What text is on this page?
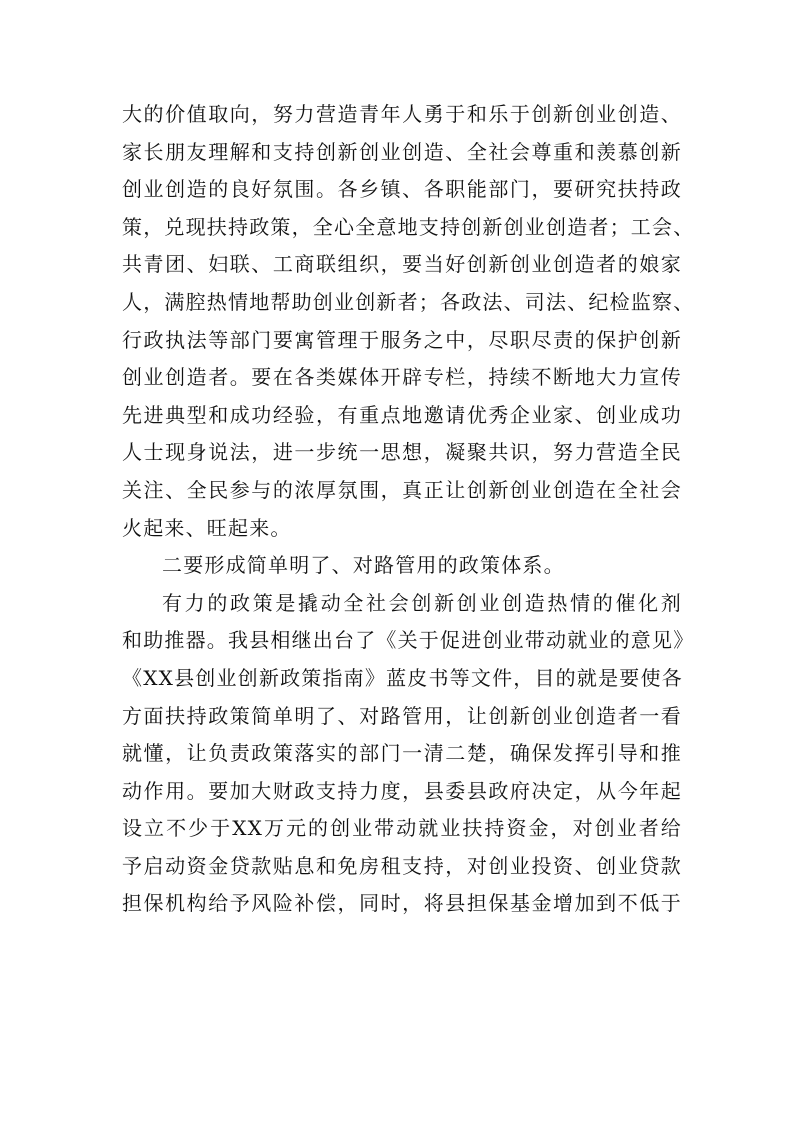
大的价值取向，努力营造青年人勇于和乐于创新创业创造、
家长朋友理解和支持创新创业创造、全社会尊重和羡慕创新
创业创造的良好氛围。各乡镇、各职能部门，要研究扶持政
策，兑现扶持政策，全心全意地支持创新创业创造者；工会、
共青团、妇联、工商联组织，要当好创新创业创造者的娘家
人，满腔热情地帮助创业创新者；各政法、司法、纪检监察、
行政执法等部门要寓管理于服务之中，尽职尽责的保护创新
创业创造者。要在各类媒体开辟专栏，持续不断地大力宣传
先进典型和成功经验，有重点地邀请优秀企业家、创业成功
人士现身说法，进一步统一思想，凝聚共识，努力营造全民
关注、全民参与的浓厚氛围，真正让创新创业创造在全社会
火起来、旺起来。
二要形成简单明了、对路管用的政策体系。
有力的政策是撬动全社会创新创业创造热情的催化剂
和助推器。我县相继出台了《关于促进创业带动就业的意见》
《XX县创业创新政策指南》蓝皮书等文件，目的就是要使各
方面扶持政策简单明了、对路管用，让创新创业创造者一看
就懂，让负责政策落实的部门一清二楚，确保发挥引导和推
动作用。要加大财政支持力度，县委县政府决定，从今年起
设立不少于XX万元的创业带动就业扶持资金，对创业者给
予启动资金贷款贴息和免房租支持，对创业投资、创业贷款
担保机构给予风险补偿，同时，将县担保基金增加到不低于
